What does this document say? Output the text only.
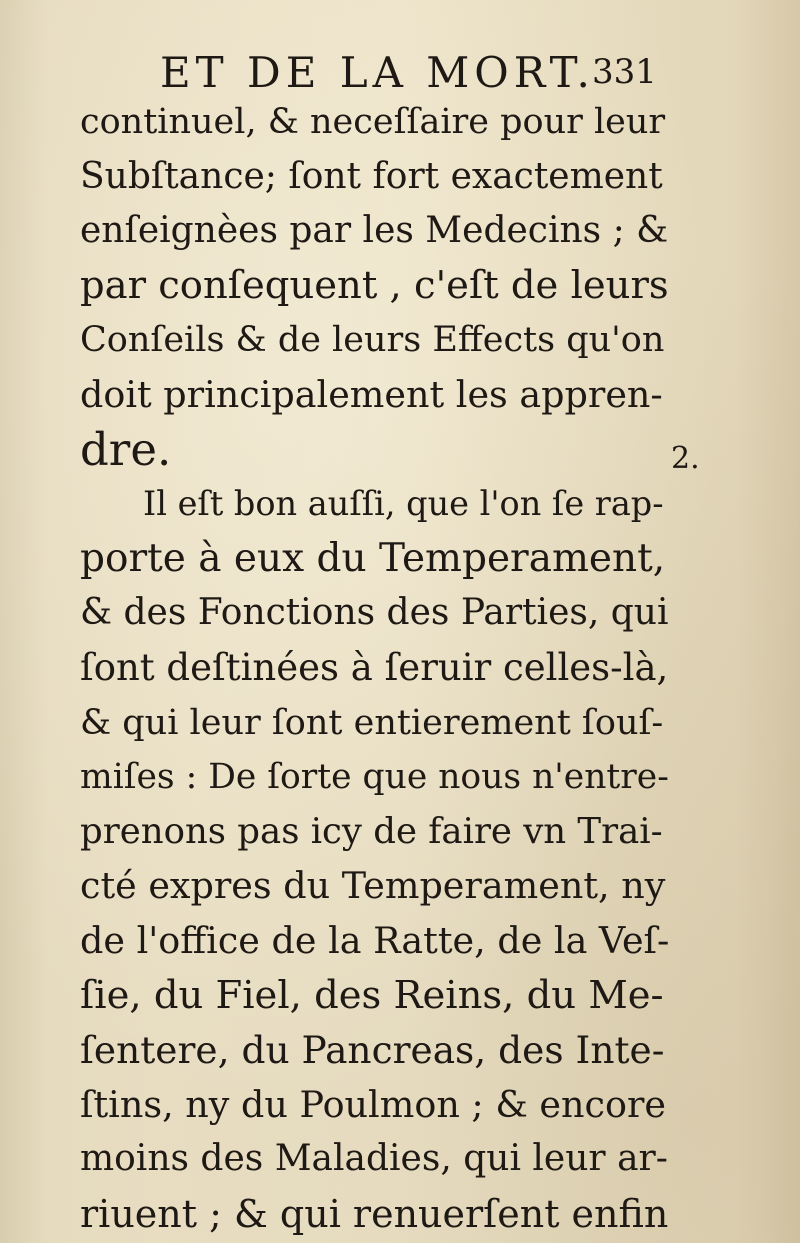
ET DE LA MORT.
331
continuel, & neceſſaire pour leur
Subſtance; ſont fort exactement
enſeignèes par les Medecins ; &
par conſequent , c'eſt de leurs
Conſeils & de leurs Effects qu'on
doit principalement les appren-
dre.
Il eſt bon auſſi, que l'on ſe rap-
porte à eux du Temperament,
& des Fonctions des Parties, qui
ſont deſtinées à ſeruir celles-là,
& qui leur ſont entierement ſouſ-
miſes : De ſorte que nous n'entre-
prenons pas icy de faire vn Trai-
cté expres du Temperament, ny
de l'office de la Ratte, de la Veſ-
ſie, du Fiel, des Reins, du Me-
ſentere, du Pancreas, des Inte-
ſtins, ny du Poulmon ; & encore
moins des Maladies, qui leur ar-
riuent ; & qui renuerſent enfin
2.
